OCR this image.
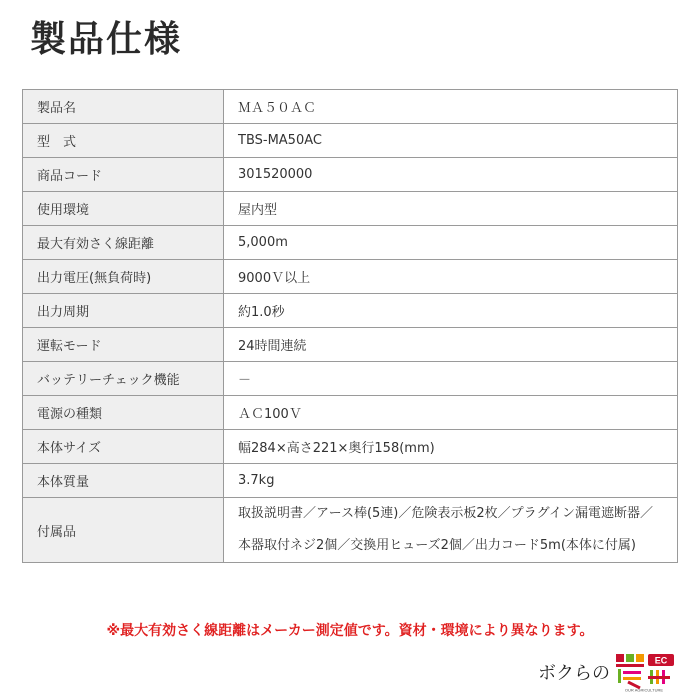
製品仕様
製品名	ＭＡ５０ＡＣ
型　式	TBS-MA50AC
商品コード	301520000
使用環境	屋内型
最大有効さく線距離	5,000m
出力電圧(無負荷時)	9000Ｖ以上
出力周期	約1.0秒
運転モード	24時間連続
バッテリーチェック機能	－
電源の種類	ＡＣ100Ｖ
本体サイズ	幅284×高さ221×奥行158(mm)
本体質量	3.7kg
付属品	取扱説明書／アース棒(5連)／危険表示板2枚／プラグイン漏電遮断器／
本器取付ネジ2個／交換用ヒューズ2個／出力コード5m(本体に付属)
※最大有効さく線距離はメーカー測定値です。資材・環境により異なります。
ボクらの
EC
OUR AGRICULTURE
